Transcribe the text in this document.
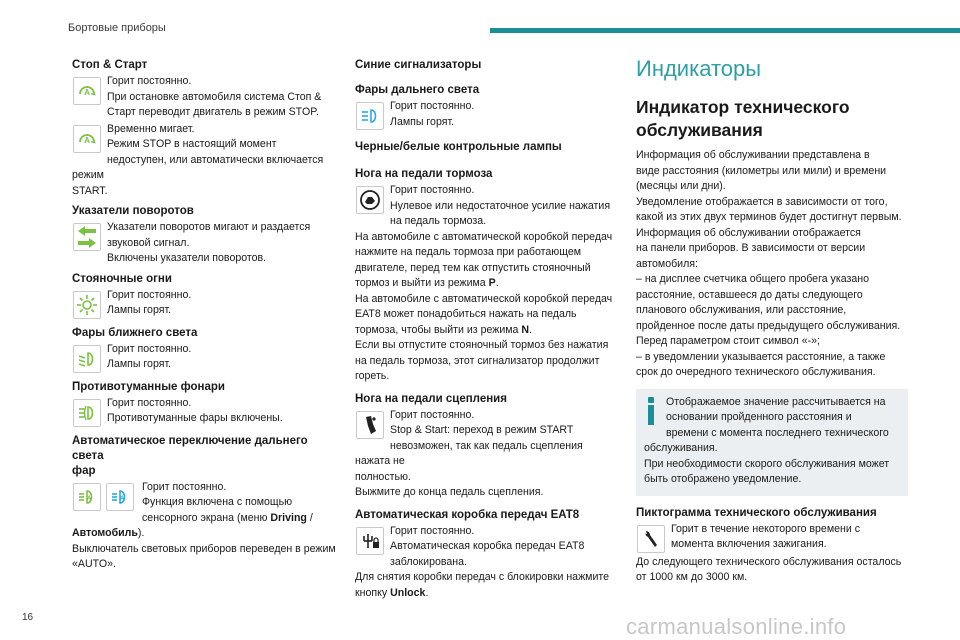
Бортовые приборы
Стоп & Старт
A
Горит постоянно.
При остановке автомобиля система Стоп &
Старт переводит двигатель в режим STOP.
A
Временно мигает.
Режим STOP в настоящий момент
недоступен, или автоматически включается режим
START.
Указатели поворотов
Указатели поворотов мигают и раздается
звуковой сигнал.
Включены указатели поворотов.
Стояночные огни
Горит постоянно.
Лампы горят.
Фары ближнего света
Горит постоянно.
Лампы горят.
Противотуманные фонари
Горит постоянно.
Противотуманные фары включены.
Автоматическое переключение дальнего света
фар
A	A
Горит постоянно.
Функция включена с помощью
сенсорного экрана (меню Driving /Автомобиль).
Выключатель световых приборов переведен в режим
«AUTO».
Синие сигнализаторы
Фары дальнего света
Горит постоянно.
Лампы горят.
Черные/белые контрольные лампы
Нога на педали тормоза
Горит постоянно.
Нулевое или недостаточное усилие нажатия
на педаль тормоза.

На автомобиле с автоматической коробкой передач
нажмите на педаль тормоза при работающем
двигателе, перед тем как отпустить стояночный
тормоз и выйти из режима P.
На автомобиле с автоматической коробкой передач
EAT8 может понадобиться нажать на педаль
тормоза, чтобы выйти из режима N.
Если вы отпустите стояночный тормоз без нажатия
на педаль тормоза, этот сигнализатор продолжит
гореть.

Нога на педали сцепления
Горит постоянно.
Stop & Start: переход в режим START
невозможен, так как педаль сцепления нажата не
полностью.

Выжмите до конца педаль сцепления.

Автоматическая коробка передач EAT8
Горит постоянно.
Автоматическая коробка передач EAT8
заблокирована.

Для снятия коробки передач с блокировки нажмите
кнопку Unlock.

Индикаторы
Индикатор технического
обслуживания

Информация об обслуживании представлена в
виде расстояния (километры или мили) и времени
(месяцы или дни).
Уведомление отображается в зависимости от того,
какой из этих двух терминов будет достигнут первым.
Информация об обслуживании отображается
на панели приборов. В зависимости от версии
автомобиля:
– на дисплее счетчика общего пробега указано
расстояние, оставшееся до даты следующего
планового обслуживания, или расстояние,
пройденное после даты предыдущего обслуживания.
Перед параметром стоит символ «-»;
– в уведомлении указывается расстояние, а также
срок до очередного технического обслуживания.

Отображаемое значение рассчитывается на
основании пройденного расстояния и
времени с момента последнего технического
обслуживания.
При необходимости скорого обслуживания может
быть отображено уведомление.
Пиктограмма технического обслуживания
Горит в течение некоторого времени с
момента включения зажигания.

До следующего технического обслуживания осталось
от 1000 км до 3000 км.

16	carmanualsonline.info
